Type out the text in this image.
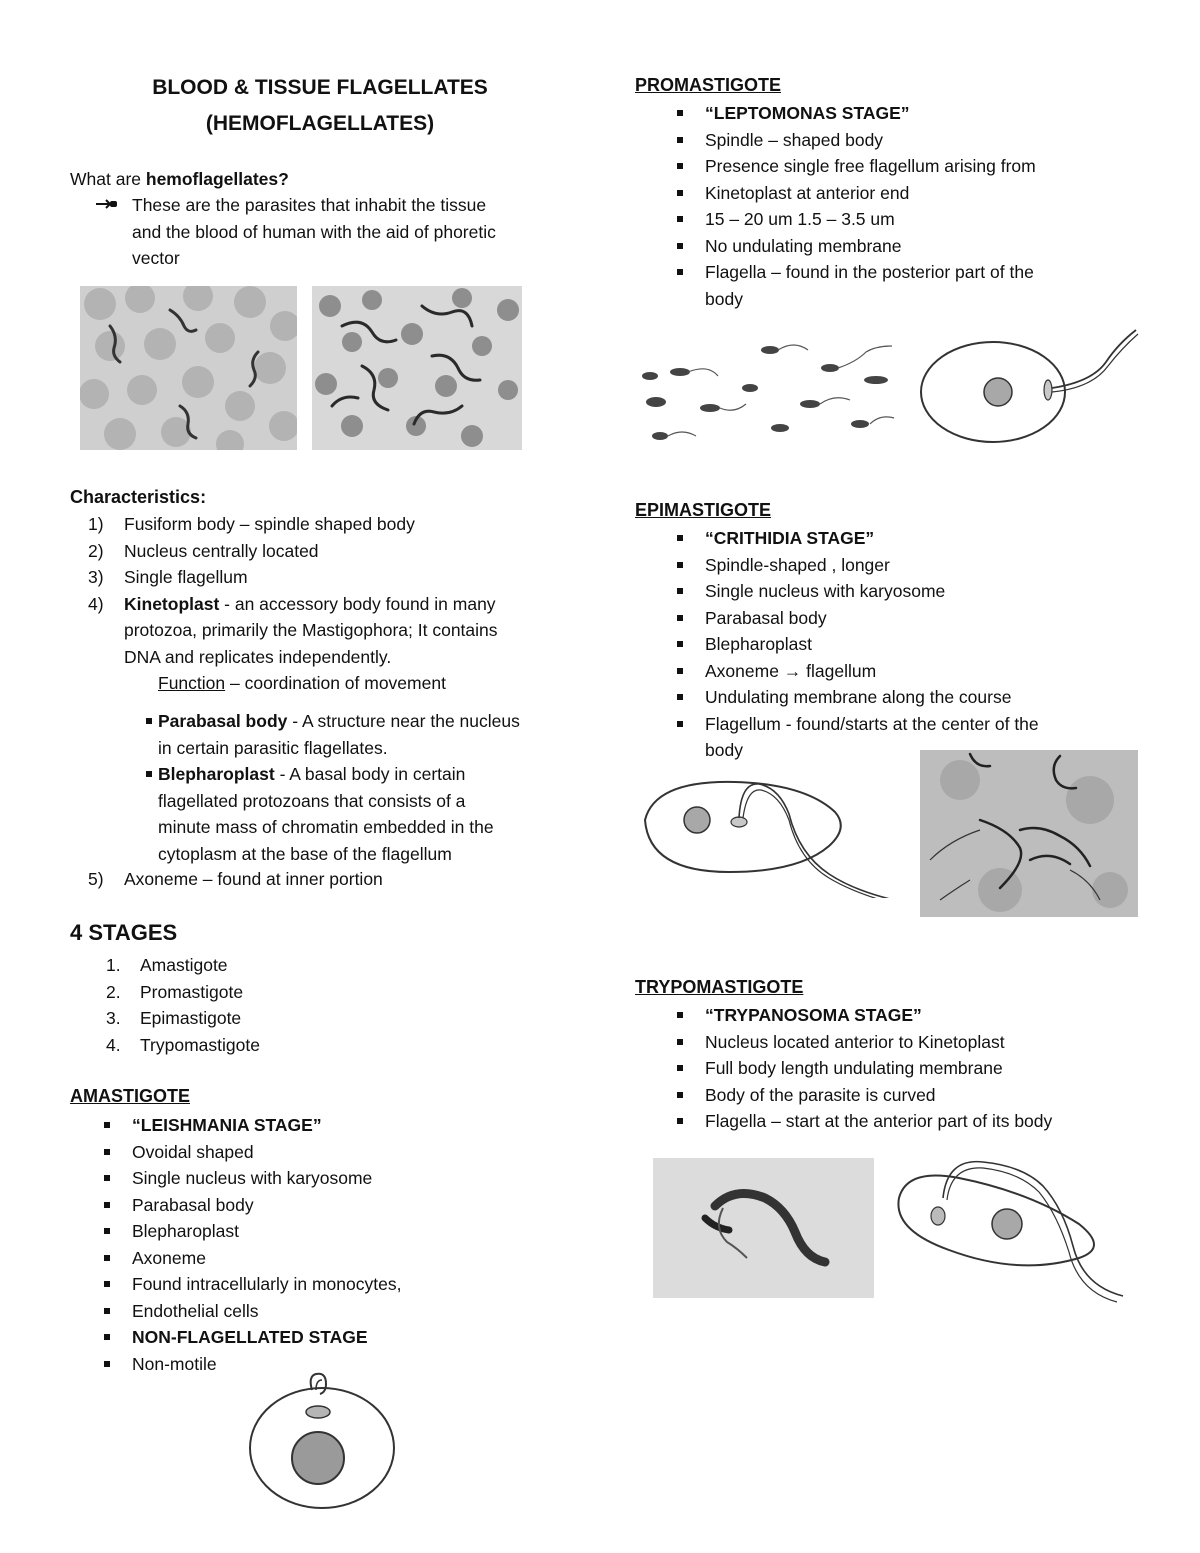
BLOOD & TISSUE FLAGELLATES
(HEMOFLAGELLATES)
What are hemoflagellates?
These are the parasites that inhabit the tissue
and the blood of human with the aid of phoretic
vector
Characteristics:
1) Fusiform body – spindle shaped body
2) Nucleus centrally located
3) Single flagellum
4) Kinetoplast - an accessory body found in many
protozoa, primarily the Mastigophora; It contains
DNA and replicates independently.
Function – coordination of movement
Parabasal body - A structure near the nucleus
in certain parasitic flagellates.
Blepharoplast - A basal body in certain
flagellated protozoans that consists of a
minute mass of chromatin embedded in the
cytoplasm at the base of the flagellum
5) Axoneme – found at inner portion
4 STAGES
1. Amastigote
2. Promastigote
3. Epimastigote
4. Trypomastigote
AMASTIGOTE
“LEISHMANIA STAGE”
Ovoidal shaped
Single nucleus with karyosome
Parabasal body
Blepharoplast
Axoneme
Found intracellularly in monocytes,
Endothelial cells
NON-FLAGELLATED STAGE
Non-motile
PROMASTIGOTE
“LEPTOMONAS STAGE”
Spindle – shaped body
Presence single free flagellum arising from
Kinetoplast at anterior end
15 – 20 um 1.5 – 3.5 um
No undulating membrane
Flagella – found in the posterior part of the
body
EPIMASTIGOTE
“CRITHIDIA STAGE”
Spindle-shaped , longer
Single nucleus with karyosome
Parabasal body
Blepharoplast
Axoneme → flagellum
Undulating membrane along the course
Flagellum - found/starts at the center of the
body
TRYPOMASTIGOTE
“TRYPANOSOMA STAGE”
Nucleus located anterior to Kinetoplast
Full body length undulating membrane
Body of the parasite is curved
Flagella – start at the anterior part of its body
